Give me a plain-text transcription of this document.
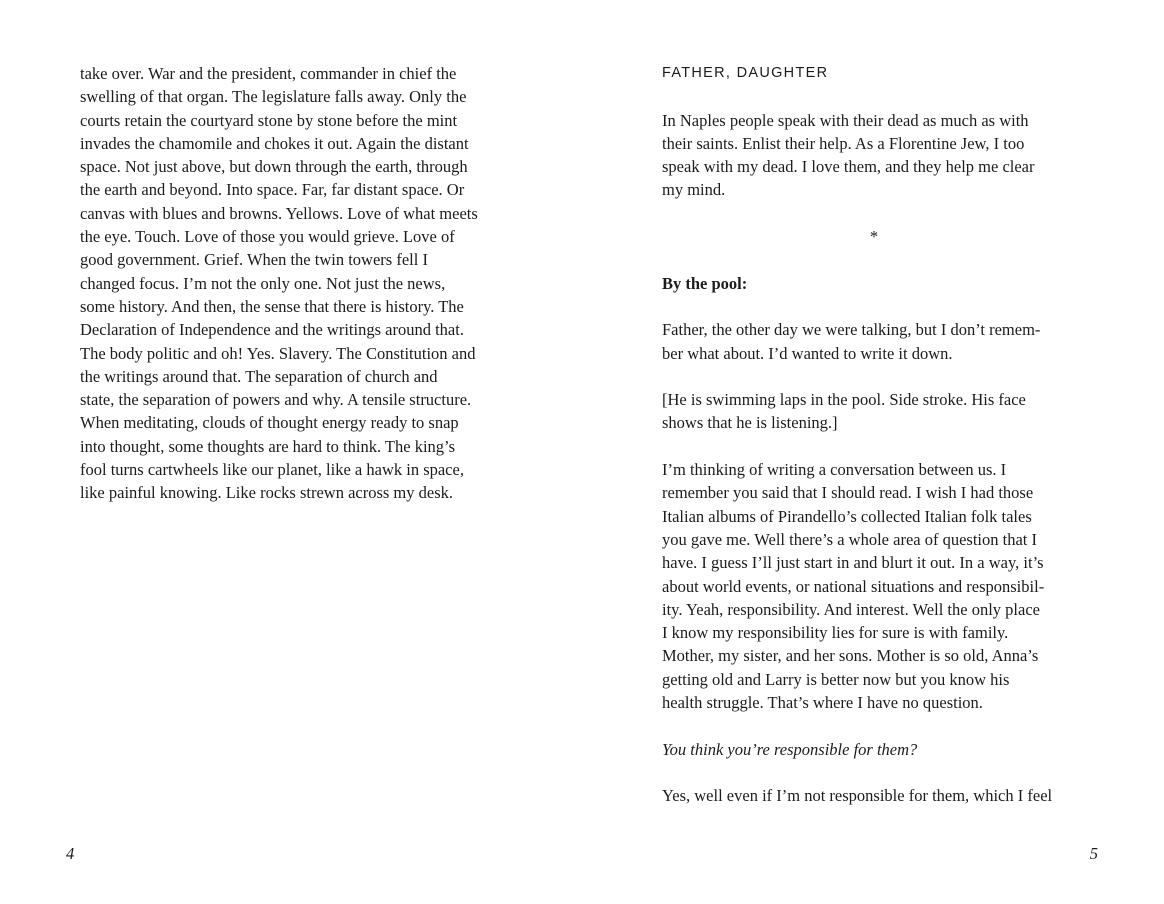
take over. War and the president, commander in chief the
swelling of that organ. The legislature falls away. Only the
courts retain the courtyard stone by stone before the mint
invades the chamomile and chokes it out. Again the distant
space. Not just above, but down through the earth, through
the earth and beyond. Into space. Far, far distant space. Or
canvas with blues and browns. Yellows. Love of what meets
the eye. Touch. Love of those you would grieve. Love of
good government. Grief. When the twin towers fell I
changed focus. I’m not the only one. Not just the news,
some history. And then, the sense that there is history. The
Declaration of Independence and the writings around that.
The body politic and oh! Yes. Slavery. The Constitution and
the writings around that. The separation of church and
state, the separation of powers and why. A tensile structure.
When meditating, clouds of thought energy ready to snap
into thought, some thoughts are hard to think. The king’s
fool turns cartwheels like our planet, like a hawk in space,
like painful knowing. Like rocks strewn across my desk.
4
FATHER, DAUGHTER
In Naples people speak with their dead as much as with
their saints. Enlist their help. As a Florentine Jew, I too
speak with my dead. I love them, and they help me clear
my mind.
*
By the pool:
Father, the other day we were talking, but I don’t remem-
ber what about. I’d wanted to write it down.
[He is swimming laps in the pool. Side stroke. His face
shows that he is listening.]
I’m thinking of writing a conversation between us. I
remember you said that I should read. I wish I had those
Italian albums of Pirandello’s collected Italian folk tales
you gave me. Well there’s a whole area of question that I
have. I guess I’ll just start in and blurt it out. In a way, it’s
about world events, or national situations and responsibil-
ity. Yeah, responsibility. And interest. Well the only place
I know my responsibility lies for sure is with family.
Mother, my sister, and her sons. Mother is so old, Anna’s
getting old and Larry is better now but you know his
health struggle. That’s where I have no question.
You think you’re responsible for them?
Yes, well even if I’m not responsible for them, which I feel
5
